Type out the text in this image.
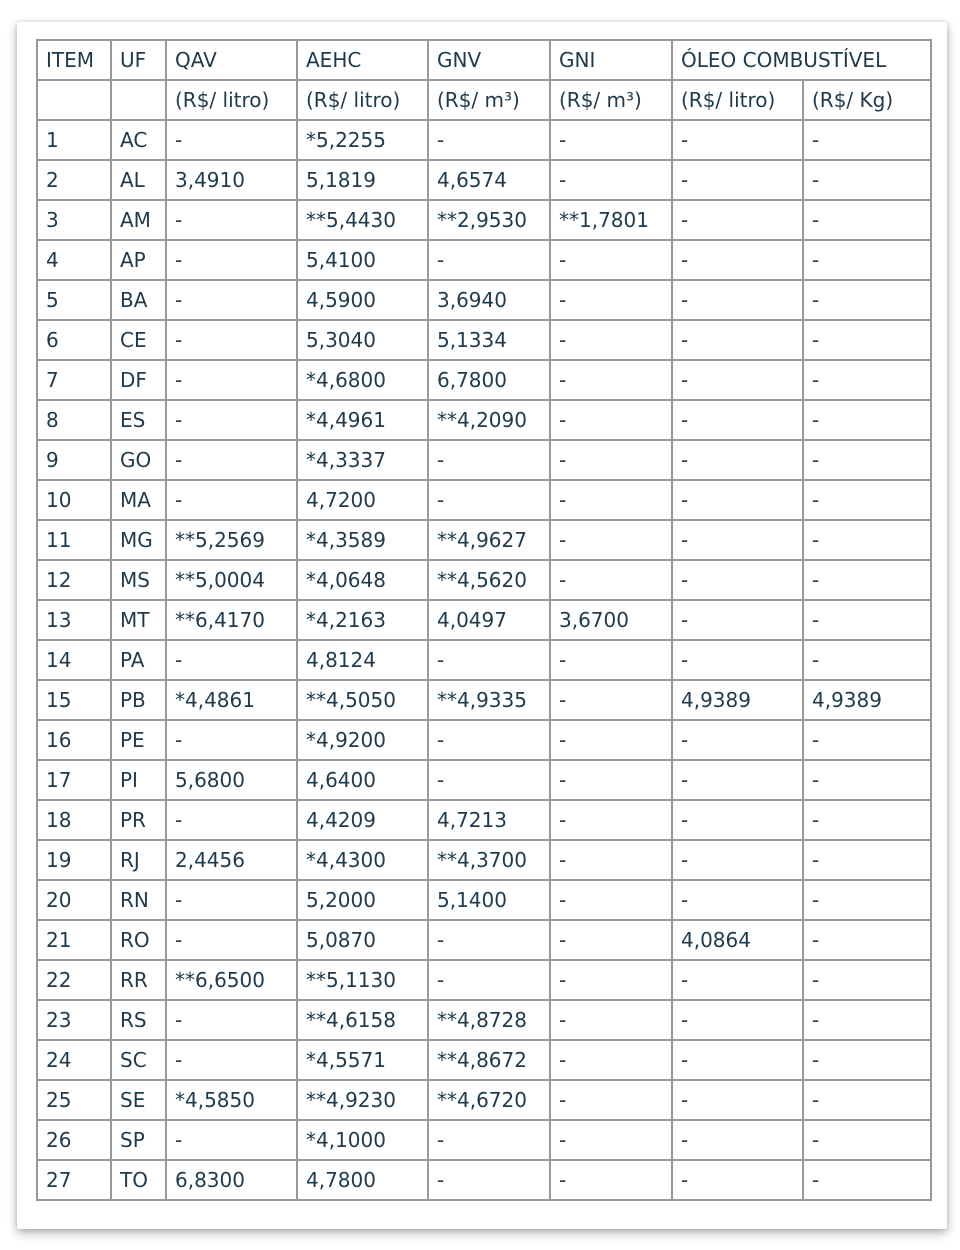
ITEM	UF	QAV	AEHC	GNV	GNI	ÓLEO COMBUSTÍVEL	
		(R$/ litro)	(R$/ litro)	(R$/ m³)	(R$/ m³)	(R$/ litro)	(R$/ Kg)
1	AC	-	*5,2255	-	-	-	-
2	AL	3,4910	5,1819	4,6574	-	-	-
3	AM	-	**5,4430	**2,9530	**1,7801	-	-
4	AP	-	5,4100	-	-	-	-
5	BA	-	4,5900	3,6940	-	-	-
6	CE	-	5,3040	5,1334	-	-	-
7	DF	-	*4,6800	6,7800	-	-	-
8	ES	-	*4,4961	**4,2090	-	-	-
9	GO	-	*4,3337	-	-	-	-
10	MA	-	4,7200	-	-	-	-
11	MG	**5,2569	*4,3589	**4,9627	-	-	-
12	MS	**5,0004	*4,0648	**4,5620	-	-	-
13	MT	**6,4170	*4,2163	4,0497	3,6700	-	-
14	PA	-	4,8124	-	-	-	-
15	PB	*4,4861	**4,5050	**4,9335	-	4,9389	4,9389
16	PE	-	*4,9200	-	-	-	-
17	PI	5,6800	4,6400	-	-	-	-
18	PR	-	4,4209	4,7213	-	-	-
19	RJ	2,4456	*4,4300	**4,3700	-	-	-
20	RN	-	5,2000	5,1400	-	-	-
21	RO	-	5,0870	-	-	4,0864	-
22	RR	**6,6500	**5,1130	-	-	-	-
23	RS	-	**4,6158	**4,8728	-	-	-
24	SC	-	*4,5571	**4,8672	-	-	-
25	SE	*4,5850	**4,9230	**4,6720	-	-	-
26	SP	-	*4,1000	-	-	-	-
27	TO	6,8300	4,7800	-	-	-	-
